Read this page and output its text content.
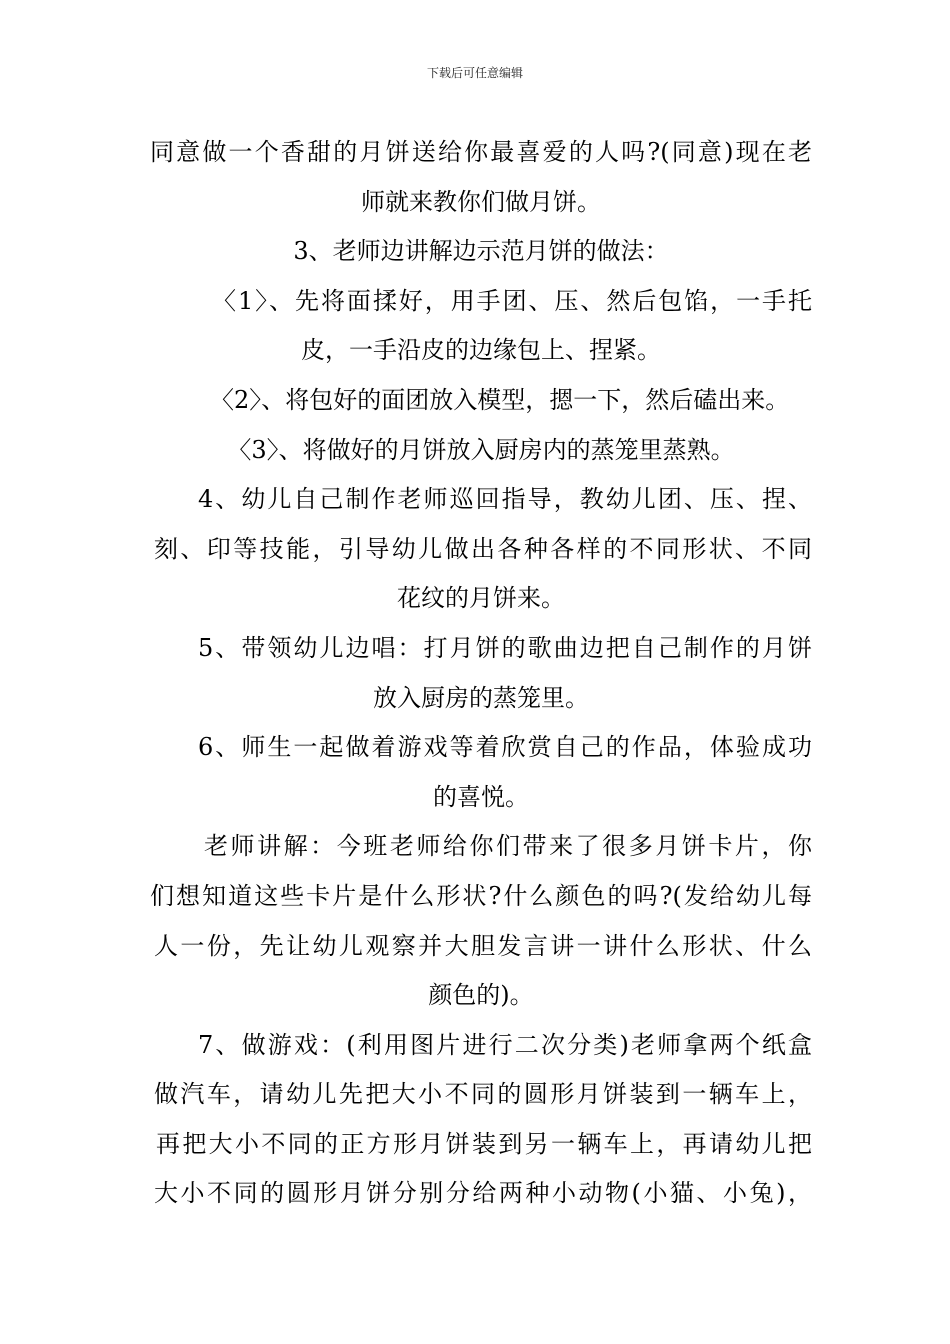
下载后可任意编辑
同意做一个香甜的月饼送给你最喜爱的人吗?(同意)现在老
师就来教你们做月饼。
3、老师边讲解边示范月饼的做法：
〈1〉、先将面揉好，用手团、压、然后包馅，一手托
皮，一手沿皮的边缘包上、捏紧。
〈2〉、将包好的面团放入模型，摁一下，然后磕出来。
〈3〉、将做好的月饼放入厨房内的蒸笼里蒸熟。
4、幼儿自己制作老师巡回指导，教幼儿团、压、捏、
刻、印等技能，引导幼儿做出各种各样的不同形状、不同
花纹的月饼来。
5、带领幼儿边唱：打月饼的歌曲边把自己制作的月饼
放入厨房的蒸笼里。
6、师生一起做着游戏等着欣赏自己的作品，体验成功
的喜悦。
老师讲解：今班老师给你们带来了很多月饼卡片，你
们想知道这些卡片是什么形状?什么颜色的吗?(发给幼儿每
人一份，先让幼儿观察并大胆发言讲一讲什么形状、什么
颜色的)。
7、做游戏：(利用图片进行二次分类)老师拿两个纸盒
做汽车，请幼儿先把大小不同的圆形月饼装到一辆车上，
再把大小不同的正方形月饼装到另一辆车上，再请幼儿把
大小不同的圆形月饼分别分给两种小动物(小猫、小兔)，
